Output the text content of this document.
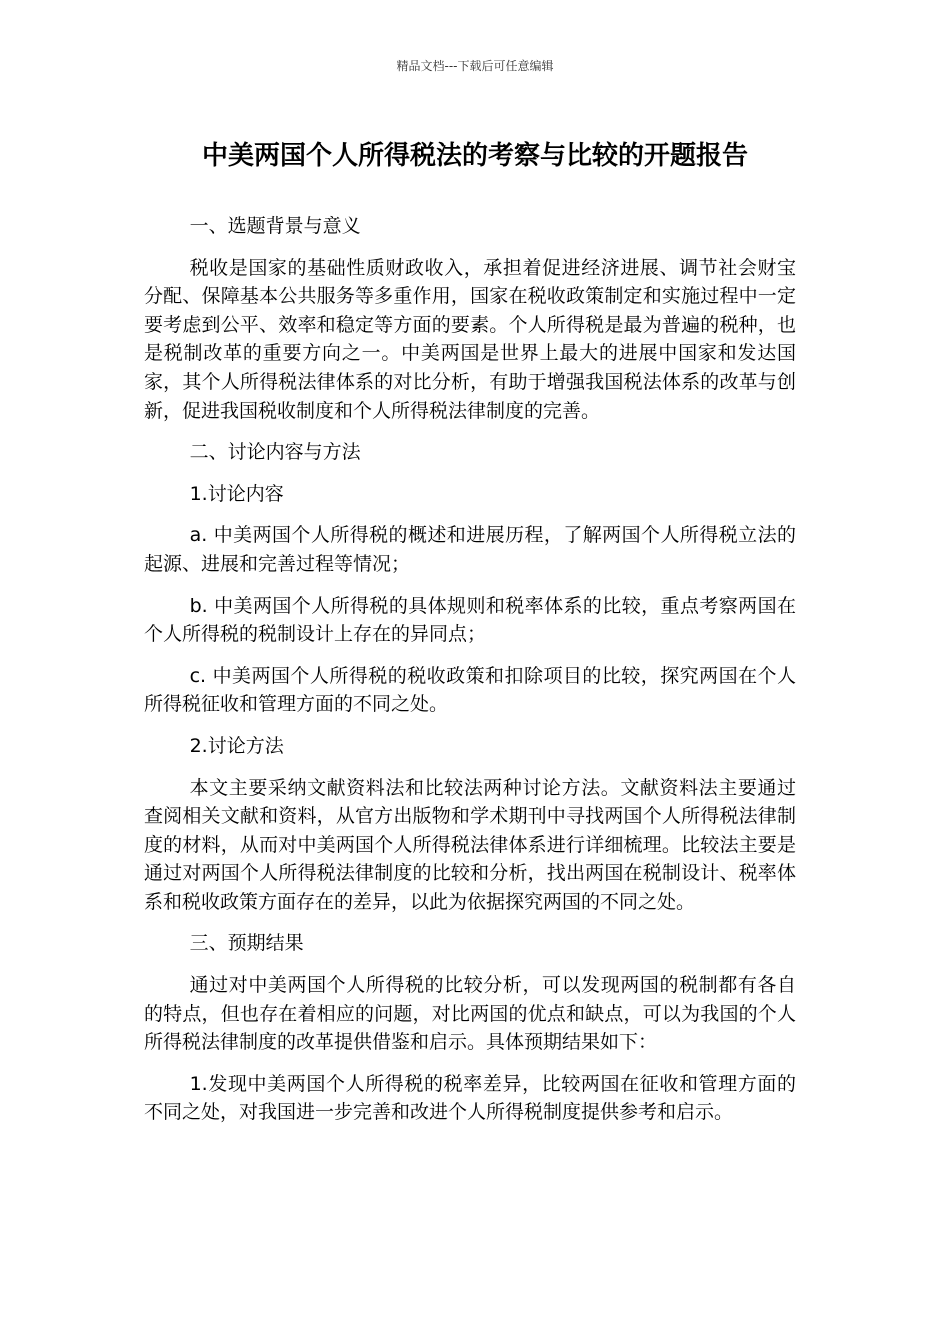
精品文档---下载后可任意编辑
中美两国个人所得税法的考察与比较的开题报告

一、选题背景与意义

税收是国家的基础性质财政收入，承担着促进经济进展、调节社会财宝分配、保障基本公共服务等多重作用，国家在税收政策制定和实施过程中一定要考虑到公平、效率和稳定等方面的要素。个人所得税是最为普遍的税种，也是税制改革的重要方向之一。中美两国是世界上最大的进展中国家和发达国家，其个人所得税法律体系的对比分析，有助于增强我国税法体系的改革与创新，促进我国税收制度和个人所得税法律制度的完善。

二、讨论内容与方法

1.讨论内容

a. 中美两国个人所得税的概述和进展历程，了解两国个人所得税立法的起源、进展和完善过程等情况；

b. 中美两国个人所得税的具体规则和税率体系的比较，重点考察两国在个人所得税的税制设计上存在的异同点；

c. 中美两国个人所得税的税收政策和扣除项目的比较，探究两国在个人所得税征收和管理方面的不同之处。

2.讨论方法

本文主要采纳文献资料法和比较法两种讨论方法。文献资料法主要通过查阅相关文献和资料，从官方出版物和学术期刊中寻找两国个人所得税法律制度的材料，从而对中美两国个人所得税法律体系进行详细梳理。比较法主要是通过对两国个人所得税法律制度的比较和分析，找出两国在税制设计、税率体系和税收政策方面存在的差异，以此为依据探究两国的不同之处。

三、预期结果

通过对中美两国个人所得税的比较分析，可以发现两国的税制都有各自的特点，但也存在着相应的问题，对比两国的优点和缺点，可以为我国的个人所得税法律制度的改革提供借鉴和启示。具体预期结果如下：

1.发现中美两国个人所得税的税率差异，比较两国在征收和管理方面的不同之处，对我国进一步完善和改进个人所得税制度提供参考和启示。
